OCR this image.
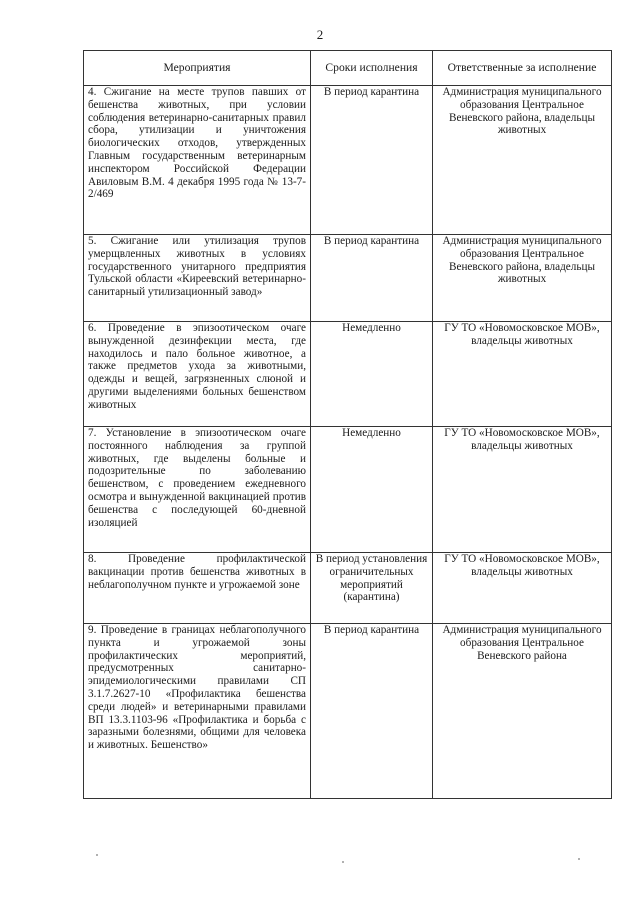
2
Мероприятия	Сроки исполнения	Ответственные за исполнение
4. Сжигание на месте трупов павших от бешенства животных, при условии соблюдения ветеринарно-санитарных правил сбора, утилизации и уничтожения биологических отходов, утвержденных Главным государственным ветеринарным инспектором Российской Федерации Авиловым В.М. 4 декабря 1995 года № 13-7-2/469	В период карантина	Администрация муниципального образования Центральное Веневского района, владельцы животных
5. Сжигание или утилизация трупов умерщвленных животных в условиях государственного унитарного предприятия Тульской области «Киреевский ветеринарно-санитарный утилизационный завод»	В период карантина	Администрация муниципального образования Центральное Веневского района, владельцы животных
6. Проведение в эпизоотическом очаге вынужденной дезинфекции места, где находилось и пало больное животное, а также предметов ухода за животными, одежды и вещей, загрязненных слюной и другими выделениями больных бешенством животных	Немедленно	ГУ ТО «Новомосковское МОВ», владельцы животных
7. Установление в эпизоотическом очаге постоянного наблюдения за группой животных, где выделены больные и подозрительные по заболеванию бешенством, с проведением ежедневного осмотра и вынужденной вакцинацией против бешенства с последующей 60-дневной изоляцией	Немедленно	ГУ ТО «Новомосковское МОВ», владельцы животных
8. Проведение профилактической вакцинации против бешенства животных в неблагополучном пункте и угрожаемой зоне	В период установления ограничительных мероприятий (карантина)	ГУ ТО «Новомосковское МОВ», владельцы животных
9. Проведение в границах неблагополучного пункта и угрожаемой зоны профилактических мероприятий, предусмотренных санитарно-эпидемиологическими правилами СП 3.1.7.2627-10 «Профилактика бешенства среди людей» и ветеринарными правилами ВП 13.3.1103-96 «Профилактика и борьба с заразными болезнями, общими для человека и животных. Бешенство»	В период карантина	Администрация муниципального образования Центральное Веневского района
